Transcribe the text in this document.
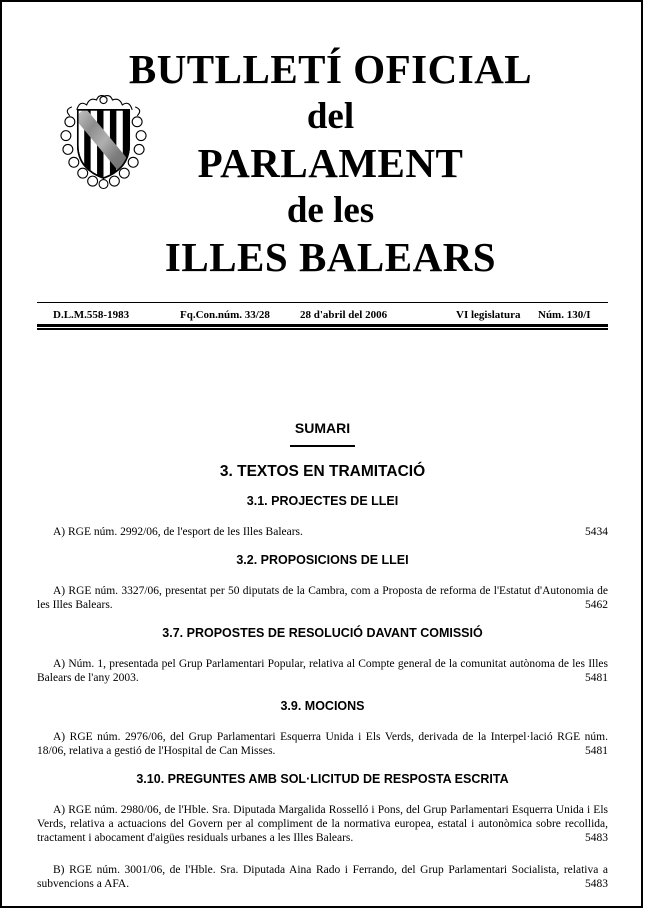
BUTLLETÍ OFICIAL
del
PARLAMENT
de les
ILLES BALEARS
D.L.M.558-1983	Fq.Con.núm. 33/28	28 d'abril del 2006	VI legislatura Núm. 130/I
SUMARI
3. TEXTOS EN TRAMITACIÓ
3.1. PROJECTES DE LLEI
A) RGE núm. 2992/06, de l'esport de les Illes Balears.	5434
3.2. PROPOSICIONS DE LLEI
A) RGE núm. 3327/06, presentat per 50 diputats de la Cambra, com a Proposta de reforma de l'Estatut d'Autonomia de les Illes Balears.	5462
3.7. PROPOSTES DE RESOLUCIÓ DAVANT COMISSIÓ
A) Núm. 1, presentada pel Grup Parlamentari Popular, relativa al Compte general de la comunitat autònoma de les Illes Balears de l'any 2003.	5481
3.9. MOCIONS
A) RGE núm. 2976/06, del Grup Parlamentari Esquerra Unida i Els Verds, derivada de la Interpel·lació RGE núm. 18/06, relativa a gestió de l'Hospital de Can Misses.	5481
3.10. PREGUNTES AMB SOL·LICITUD DE RESPOSTA ESCRITA
A) RGE núm. 2980/06, de l'Hble. Sra. Diputada Margalida Rosselló i Pons, del Grup Parlamentari Esquerra Unida i Els Verds, relativa a actuacions del Govern per al compliment de la normativa europea, estatal i autonòmica sobre recollida, tractament i abocament d'aigües residuals urbanes a les Illes Balears.	5483
B) RGE núm. 3001/06, de l'Hble. Sra. Diputada Aina Rado i Ferrando, del Grup Parlamentari Socialista, relativa a subvencions a AFA.	5483
